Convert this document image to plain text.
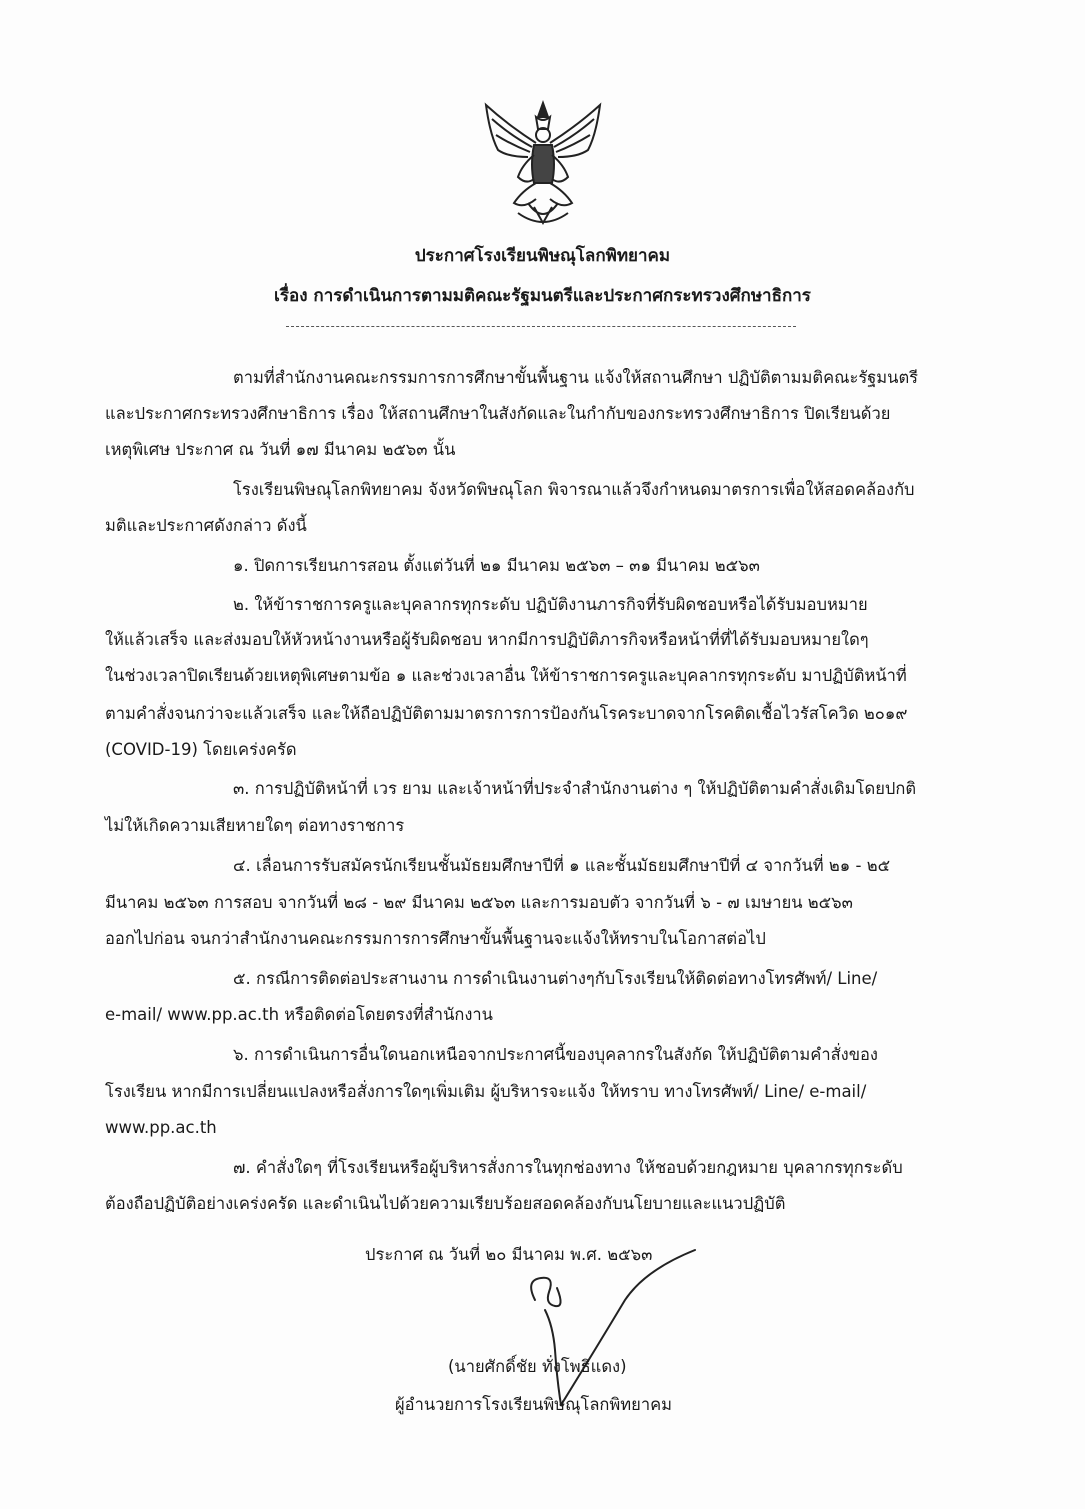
ประกาศโรงเรียนพิษณุโลกพิทยาคม
เรื่อง การดำเนินการตามมติคณะรัฐมนตรีและประกาศกระทรวงศึกษาธิการ
ตามที่สำนักงานคณะกรรมการการศึกษาขั้นพื้นฐาน แจ้งให้สถานศึกษา ปฏิบัติตามมติคณะรัฐมนตรี
และประกาศกระทรวงศึกษาธิการ เรื่อง ให้สถานศึกษาในสังกัดและในกำกับของกระทรวงศึกษาธิการ ปิดเรียนด้วย
เหตุพิเศษ ประกาศ ณ วันที่ ๑๗ มีนาคม ๒๕๖๓ นั้น
โรงเรียนพิษณุโลกพิทยาคม จังหวัดพิษณุโลก พิจารณาแล้วจึงกำหนดมาตรการเพื่อให้สอดคล้องกับ
มติและประกาศดังกล่าว ดังนี้
๑. ปิดการเรียนการสอน ตั้งแต่วันที่ ๒๑ มีนาคม ๒๕๖๓ – ๓๑ มีนาคม ๒๕๖๓
๒. ให้ข้าราชการครูและบุคลากรทุกระดับ ปฏิบัติงานภารกิจที่รับผิดชอบหรือได้รับมอบหมาย
ให้แล้วเสร็จ และส่งมอบให้หัวหน้างานหรือผู้รับผิดชอบ หากมีการปฏิบัติภารกิจหรือหน้าที่ที่ได้รับมอบหมายใดๆ
ในช่วงเวลาปิดเรียนด้วยเหตุพิเศษตามข้อ ๑ และช่วงเวลาอื่น ให้ข้าราชการครูและบุคลากรทุกระดับ มาปฏิบัติหน้าที่
ตามคำสั่งจนกว่าจะแล้วเสร็จ และให้ถือปฏิบัติตามมาตรการการป้องกันโรคระบาดจากโรคติดเชื้อไวรัสโควิด ๒๐๑๙
(COVID-19) โดยเคร่งครัด
๓. การปฏิบัติหน้าที่ เวร ยาม และเจ้าหน้าที่ประจำสำนักงานต่าง ๆ ให้ปฏิบัติตามคำสั่งเดิมโดยปกติ
ไม่ให้เกิดความเสียหายใดๆ ต่อทางราชการ
๔. เลื่อนการรับสมัครนักเรียนชั้นมัธยมศึกษาปีที่ ๑ และชั้นมัธยมศึกษาปีที่ ๔ จากวันที่ ๒๑ - ๒๕
มีนาคม ๒๕๖๓ การสอบ จากวันที่ ๒๘ - ๒๙ มีนาคม ๒๕๖๓ และการมอบตัว จากวันที่ ๖ - ๗ เมษายน ๒๕๖๓
ออกไปก่อน จนกว่าสำนักงานคณะกรรมการการศึกษาขั้นพื้นฐานจะแจ้งให้ทราบในโอกาสต่อไป
๕. กรณีการติดต่อประสานงาน การดำเนินงานต่างๆกับโรงเรียนให้ติดต่อทางโทรศัพท์/ Line/
e-mail/ www.pp.ac.th หรือติดต่อโดยตรงที่สำนักงาน
๖. การดำเนินการอื่นใดนอกเหนือจากประกาศนี้ของบุคลากรในสังกัด ให้ปฏิบัติตามคำสั่งของ
โรงเรียน หากมีการเปลี่ยนแปลงหรือสั่งการใดๆเพิ่มเติม ผู้บริหารจะแจ้ง ให้ทราบ ทางโทรศัพท์/ Line/ e-mail/
www.pp.ac.th
๗. คำสั่งใดๆ ที่โรงเรียนหรือผู้บริหารสั่งการในทุกช่องทาง ให้ชอบด้วยกฎหมาย บุคลากรทุกระดับ
ต้องถือปฏิบัติอย่างเคร่งครัด และดำเนินไปด้วยความเรียบร้อยสอดคล้องกับนโยบายและแนวปฏิบัติ
ประกาศ ณ วันที่ ๒๐ มีนาคม พ.ศ. ๒๕๖๓
(นายศักดิ์ชัย ทั่งโพธิแดง)
ผู้อำนวยการโรงเรียนพิษณุโลกพิทยาคม
